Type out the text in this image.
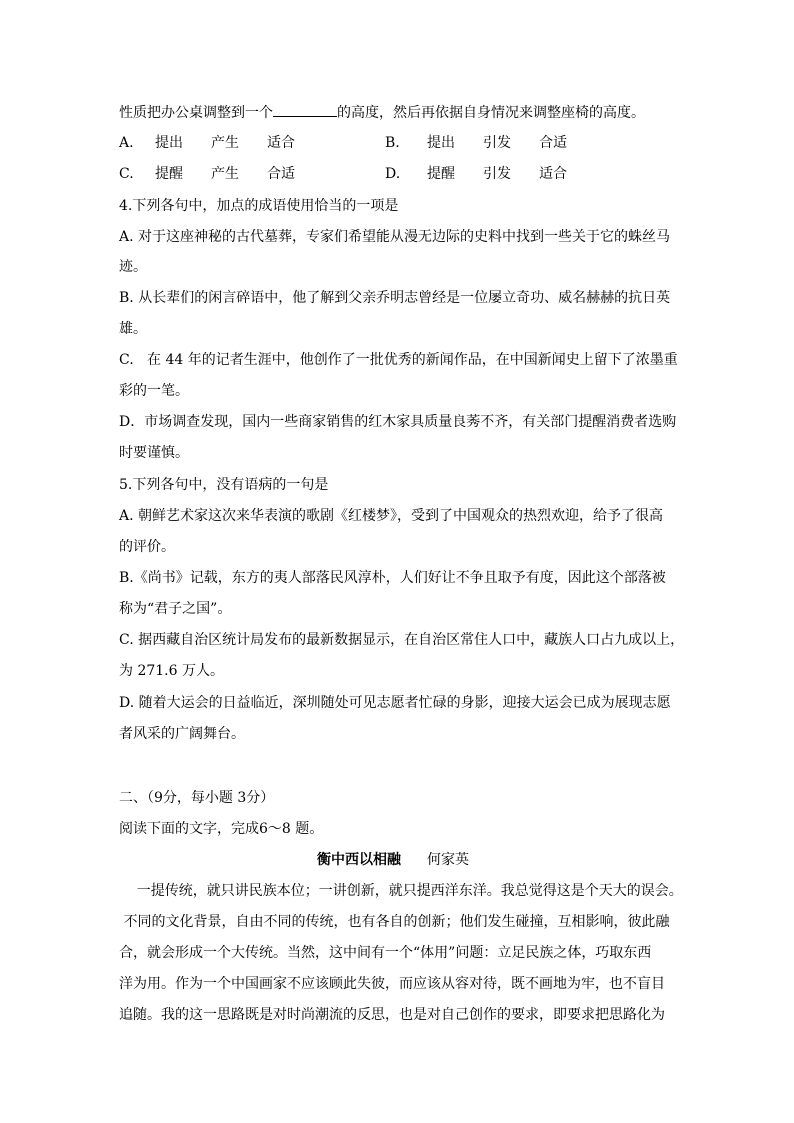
性质把办公桌调整到一个	的高度，然后再依据自身情况来调整座椅的高度。
A. 提出 产生 适合	B. 提出 引发 合适
C. 提醒 产生 合适	D. 提醒 引发 适合
4.下列各句中，加点的成语使用恰当的一项是
A. 对于这座神秘的古代墓葬，专家们希望能从漫无边际的史料中找到一些关于它的蛛丝马
迹。
B. 从长辈们的闲言碎语中，他了解到父亲乔明志曾经是一位屡立奇功、威名赫赫的抗日英
雄。
C.   在 44 年的记者生涯中，他创作了一批优秀的新闻作品，在中国新闻史上留下了浓墨重
彩的一笔。
D．市场调查发现，国内一些商家销售的红木家具质量良莠不齐，有关部门提醒消费者选购
时要谨慎。
5.下列各句中，没有语病的一句是
A. 朝鲜艺术家这次来华表演的歌剧《红楼梦》，受到了中国观众的热烈欢迎，给予了很高
的评价。
B.《尚书》记载，东方的夷人部落民风淳朴，人们好让不争且取予有度，因此这个部落被
称为“君子之国”。
C. 据西藏自治区统计局发布的最新数据显示，在自治区常住人口中，藏族人口占九成以上，
为 271.6 万人。
D. 随着大运会的日益临近，深圳随处可见志愿者忙碌的身影，迎接大运会已成为展现志愿
者风采的广阔舞台。
二、（9分，每小题 3分）
阅读下面的文字，完成6～8 题。
衡中西以相融 何家英
一提传统，就只讲民族本位；一讲创新，就只提西洋东洋。我总觉得这是个天大的误会。
不同的文化背景，自由不同的传统，也有各自的创新；他们发生碰撞，互相影响，彼此融
合，就会形成一个大传统。当然，这中间有一个“体用”问题：立足民族之体，巧取东西
洋为用。作为一个中国画家不应该顾此失彼，而应该从容对待，既不画地为牢，也不盲目
追随。我的这一思路既是对时尚潮流的反思，也是对自己创作的要求，即要求把思路化为
